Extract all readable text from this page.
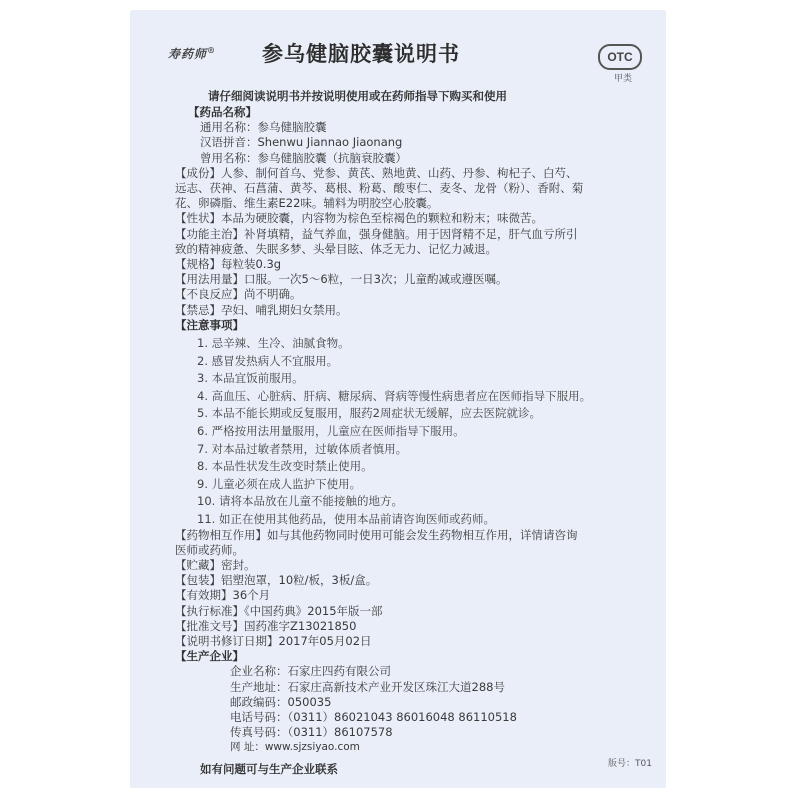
寿药师® 参乌健脑胶囊说明书	OTC
甲类
请仔细阅读说明书并按说明使用或在药师指导下购买和使用
【药品名称】
通用名称：参乌健脑胶囊
汉语拼音：Shenwu Jiannao Jiaonang
曾用名称：参乌健脑胶囊（抗脑衰胶囊）
【成份】人参、制何首乌、党参、黄芪、熟地黄、山药、丹参、枸杞子、白芍、
远志、茯神、石菖蒲、黄芩、葛根、粉葛、酸枣仁、麦冬、龙骨（粉）、香附、菊
花、卵磷脂、维生素E22味。辅料为明胶空心胶囊。
【性状】本品为硬胶囊，内容物为棕色至棕褐色的颗粒和粉末；味微苦。
【功能主治】补肾填精，益气养血，强身健脑。用于因肾精不足，肝气血亏所引
致的精神疲惫、失眠多梦、头晕目眩、体乏无力、记忆力减退。
【规格】每粒装0.3g
【用法用量】口服。一次5～6粒，一日3次；儿童酌减或遵医嘱。
【不良反应】尚不明确。
【禁忌】孕妇、哺乳期妇女禁用。
【注意事项】
1. 忌辛辣、生冷、油腻食物。
2. 感冒发热病人不宜服用。
3. 本品宜饭前服用。
4. 高血压、心脏病、肝病、糖尿病、肾病等慢性病患者应在医师指导下服用。
5. 本品不能长期或反复服用，服药2周症状无缓解，应去医院就诊。
6. 严格按用法用量服用，儿童应在医师指导下服用。
7. 对本品过敏者禁用，过敏体质者慎用。
8. 本品性状发生改变时禁止使用。
9. 儿童必须在成人监护下使用。
10. 请将本品放在儿童不能接触的地方。
11. 如正在使用其他药品，使用本品前请咨询医师或药师。
【药物相互作用】如与其他药物同时使用可能会发生药物相互作用，详情请咨询
医师或药师。
【贮藏】密封。
【包装】铝塑泡罩，10粒/板，3板/盒。
【有效期】36个月
【执行标准】《中国药典》2015年版一部
【批准文号】国药准字Z13021850
【说明书修订日期】2017年05月02日
【生产企业】
企业名称：石家庄四药有限公司
生产地址：石家庄高新技术产业开发区珠江大道288号
邮政编码：050035
电话号码：（0311）86021043 86016048 86110518
传真号码：（0311）86107578
网 址：www.sjzsiyao.com
版号：T01
如有问题可与生产企业联系
